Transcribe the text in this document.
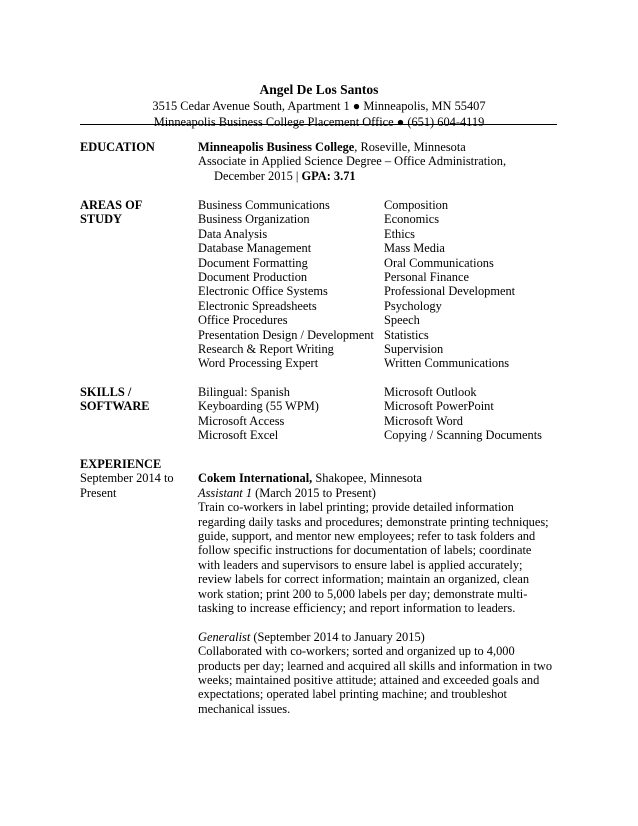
Angel De Los Santos
3515 Cedar Avenue South, Apartment 1 ● Minneapolis, MN 55407
Minneapolis Business College Placement Office ● (651) 604-4119
EDUCATION	Minneapolis Business College, Roseville, Minnesota
Associate in Applied Science Degree – Office Administration,
December 2015 | GPA: 3.71
AREAS OF
STUDY
Business Communications
Business Organization
Data Analysis
Database Management
Document Formatting
Document Production
Electronic Office Systems
Electronic Spreadsheets
Office Procedures
Presentation Design / Development
Research & Report Writing
Word Processing Expert
Composition
Economics
Ethics
Mass Media
Oral Communications
Personal Finance
Professional Development
Psychology
Speech
Statistics
Supervision
Written Communications
SKILLS /
SOFTWARE
Bilingual: Spanish
Keyboarding (55 WPM)
Microsoft Access
Microsoft Excel
Microsoft Outlook
Microsoft PowerPoint
Microsoft Word
Copying / Scanning Documents
EXPERIENCE
September 2014 to
Present
Cokem International, Shakopee, Minnesota
Assistant 1 (March 2015 to Present)
Train co-workers in label printing; provide detailed information
regarding daily tasks and procedures; demonstrate printing techniques;
guide, support, and mentor new employees; refer to task folders and
follow specific instructions for documentation of labels; coordinate
with leaders and supervisors to ensure label is applied accurately;
review labels for correct information; maintain an organized, clean
work station; print 200 to 5,000 labels per day; demonstrate multi-
tasking to increase efficiency; and report information to leaders.
Generalist (September 2014 to January 2015)
Collaborated with co-workers; sorted and organized up to 4,000
products per day; learned and acquired all skills and information in two
weeks; maintained positive attitude; attained and exceeded goals and
expectations; operated label printing machine; and troubleshot
mechanical issues.
